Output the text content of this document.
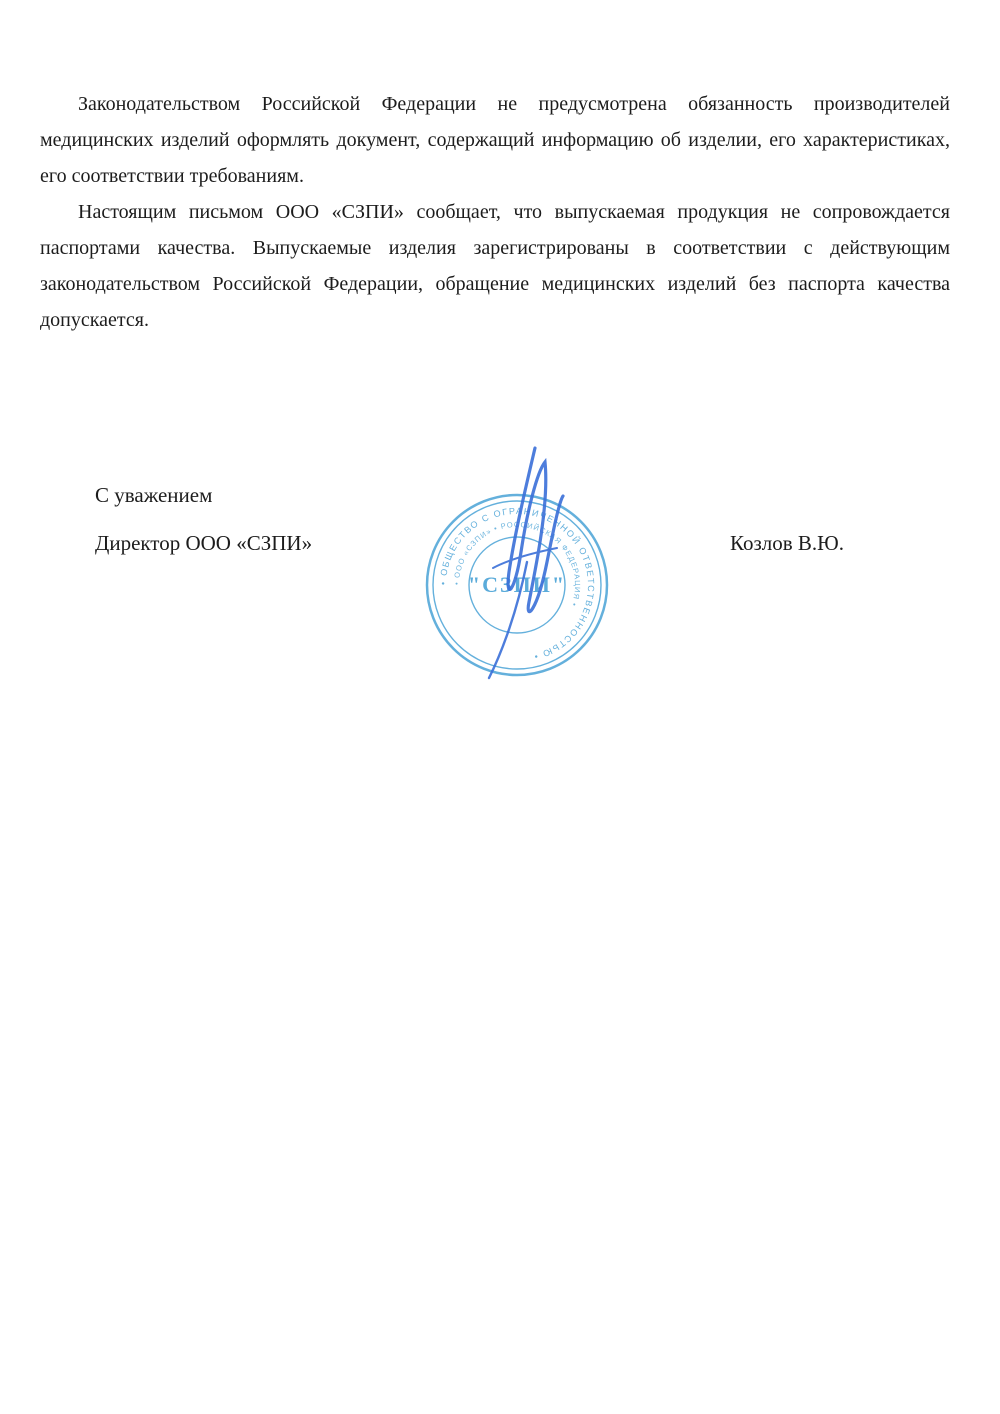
Законодательством Российской Федерации не предусмотрена обязанность производителей медицинских изделий оформлять документ, содержащий информацию об изделии, его характеристиках, его соответствии требованиям.

Настоящим письмом ООО «СЗПИ» сообщает, что выпускаемая продукция не сопровождается паспортами качества. Выпускаемые изделия зарегистрированы в соответствии с действующим законодательством Российской Федерации, обращение медицинских изделий без паспорта качества допускается.

С уважением
Директор ООО «СЗПИ»	Козлов В.Ю.
• ОБЩЕСТВО С ОГРАНИЧЕННОЙ ОТВЕТСТВЕННОСТЬЮ •
• ООО «СЗПИ» • РОССИЙСКАЯ ФЕДЕРАЦИЯ •
"СЗПИ"
